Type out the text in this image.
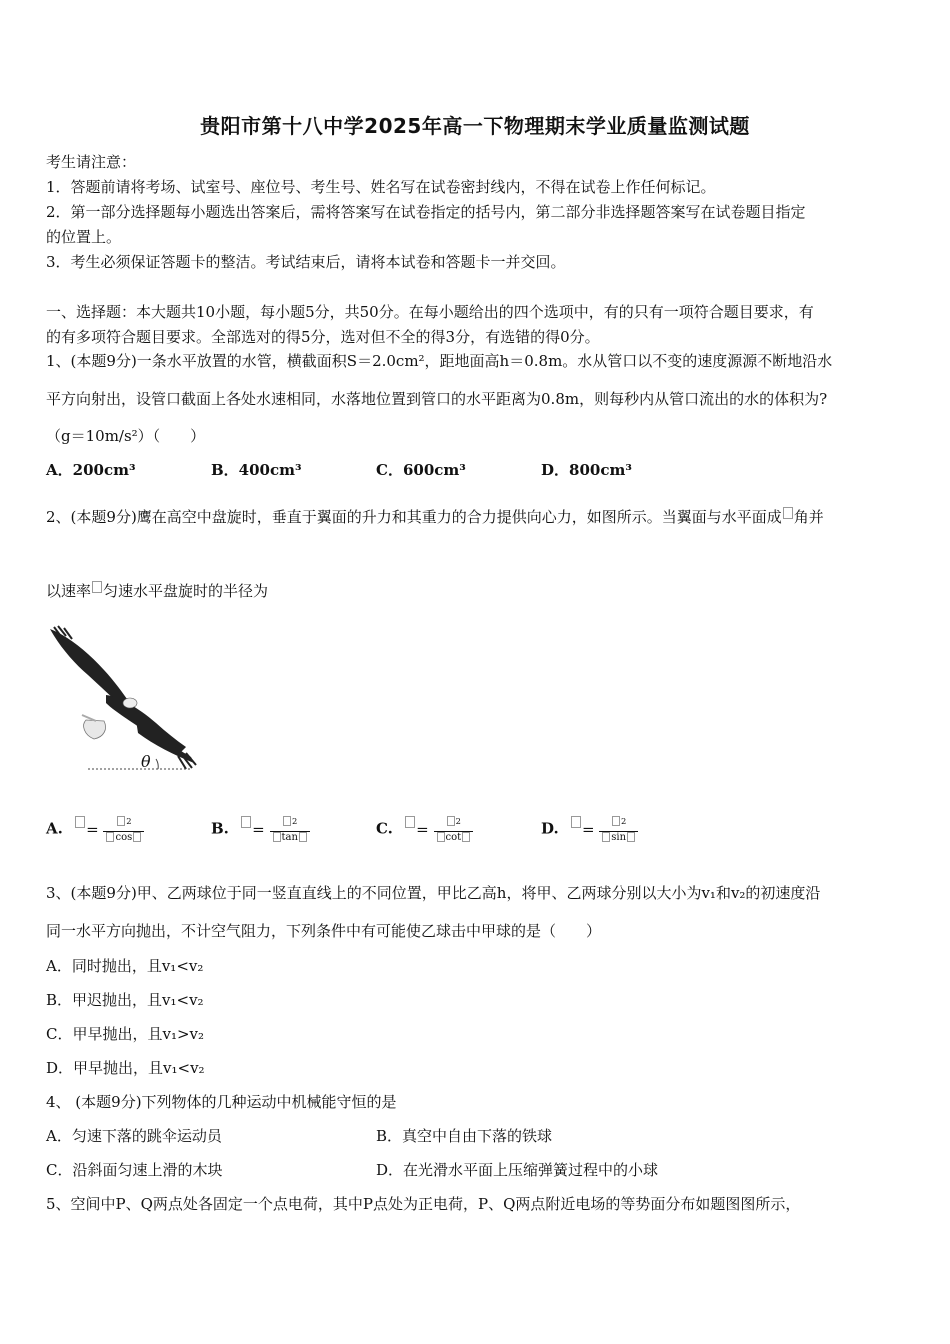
贵阳市第十八中学2025年高一下物理期末学业质量监测试题
考生请注意：
1．答题前请将考场、试室号、座位号、考生号、姓名写在试卷密封线内，不得在试卷上作任何标记。
2．第一部分选择题每小题选出答案后，需将答案写在试卷指定的括号内，第二部分非选择题答案写在试卷题目指定
的位置上。
3．考生必须保证答题卡的整洁。考试结束后，请将本试卷和答题卡一并交回。
一、选择题：本大题共10小题，每小题5分，共50分。在每小题给出的四个选项中，有的只有一项符合题目要求，有
的有多项符合题目要求。全部选对的得5分，选对但不全的得3分，有选错的得0分。
1、(本题9分)一条水平放置的水管，横截面积S＝2.0cm²，距地面高h＝0.8m。水从管口以不变的速度源源不断地沿水
平方向射出，设管口截面上各处水速相同，水落地位置到管口的水平距离为0.8m，则每秒内从管口流出的水的体积为?
（g＝10m/s²）（　　）
A．200cm³	B．400cm³	C．600cm³	D．800cm³
2、(本题9分)鹰在高空中盘旋时，垂直于翼面的升力和其重力的合力提供向心力，如图所示。当翼面与水平面成 角并
以速率 匀速水平盘旋时的半径为
θ
A. = $\frac{^2}{\cos}$	B. = $\frac{^2}{\tan}$	C. = $\frac{^2}{\cot}$	D. = $\frac{^2}{\sin}$
3、(本题9分)甲、乙两球位于同一竖直直线上的不同位置，甲比乙高h，将甲、乙两球分别以大小为v₁和v₂的初速度沿
同一水平方向抛出，不计空气阻力，下列条件中有可能使乙球击中甲球的是（　　）
A．同时抛出，且v₁<v₂
B．甲迟抛出，且v₁<v₂
C．甲早抛出，且v₁>v₂
D．甲早抛出，且v₁<v₂
4、 (本题9分)下列物体的几种运动中机械能守恒的是
A．匀速下落的跳伞运动员	B．真空中自由下落的铁球
C．沿斜面匀速上滑的木块	D．在光滑水平面上压缩弹簧过程中的小球
5、空间中P、Q两点处各固定一个点电荷，其中P点处为正电荷，P、Q两点附近电场的等势面分布如题图图所示，
